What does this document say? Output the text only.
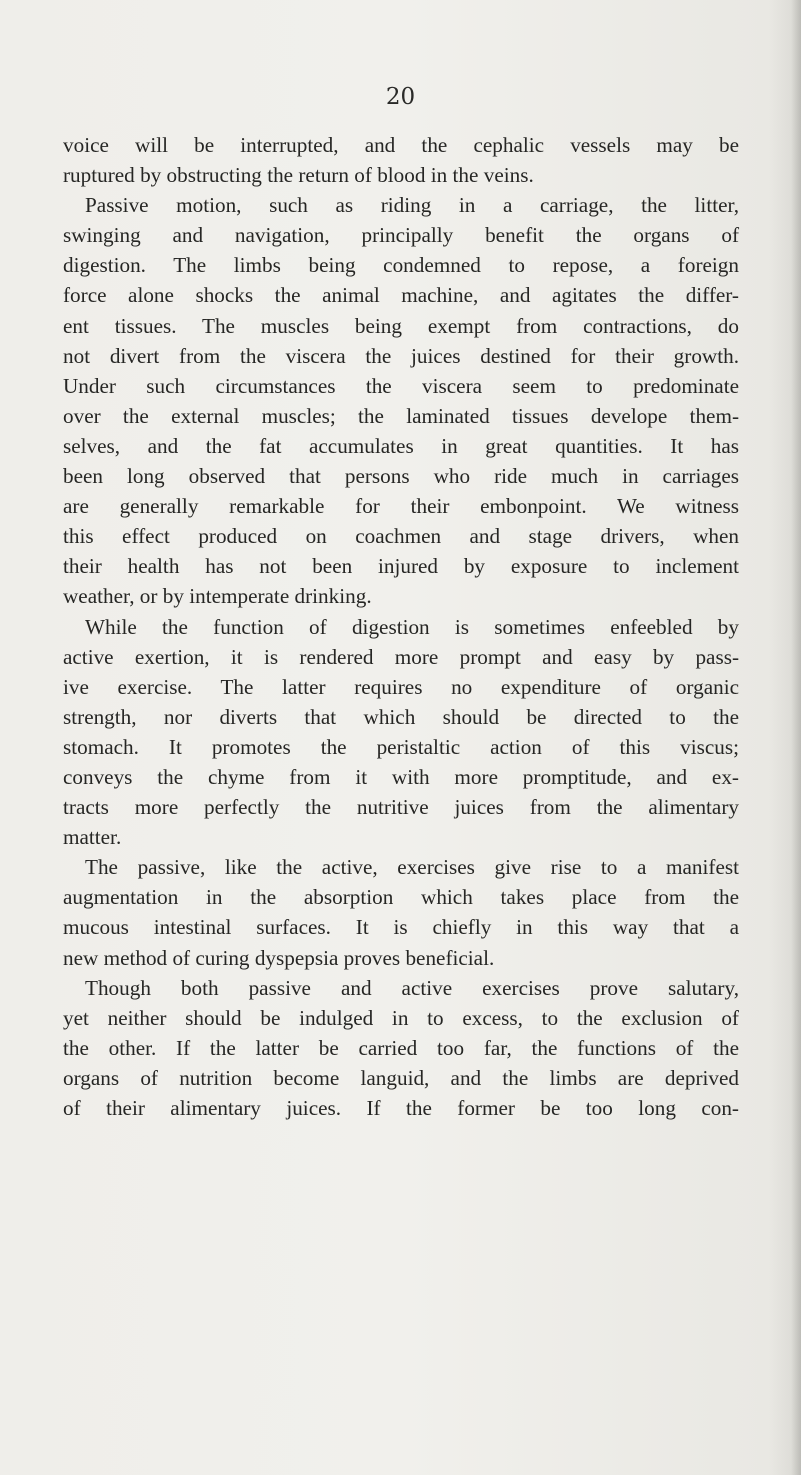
20

voice will be interrupted, and the cephalic vessels may be
ruptured by obstructing the return of blood in the veins.

Passive motion, such as riding in a carriage, the litter,
swinging and navigation, principally benefit the organs of
digestion. The limbs being condemned to repose, a foreign
force alone shocks the animal machine, and agitates the differ-
ent tissues. The muscles being exempt from contractions, do
not divert from the viscera the juices destined for their growth.
Under such circumstances the viscera seem to predominate
over the external muscles; the laminated tissues develope them-
selves, and the fat accumulates in great quantities. It has
been long observed that persons who ride much in carriages
are generally remarkable for their embonpoint. We witness
this effect produced on coachmen and stage drivers, when
their health has not been injured by exposure to inclement
weather, or by intemperate drinking.

While the function of digestion is sometimes enfeebled by
active exertion, it is rendered more prompt and easy by pass-
ive exercise. The latter requires no expenditure of organic
strength, nor diverts that which should be directed to the
stomach. It promotes the peristaltic action of this viscus;
conveys the chyme from it with more promptitude, and ex-
tracts more perfectly the nutritive juices from the alimentary
matter.

The passive, like the active, exercises give rise to a manifest
augmentation in the absorption which takes place from the
mucous intestinal surfaces. It is chiefly in this way that a
new method of curing dyspepsia proves beneficial.

Though both passive and active exercises prove salutary,
yet neither should be indulged in to excess, to the exclusion of
the other. If the latter be carried too far, the functions of the
organs of nutrition become languid, and the limbs are deprived
of their alimentary juices. If the former be too long con-
